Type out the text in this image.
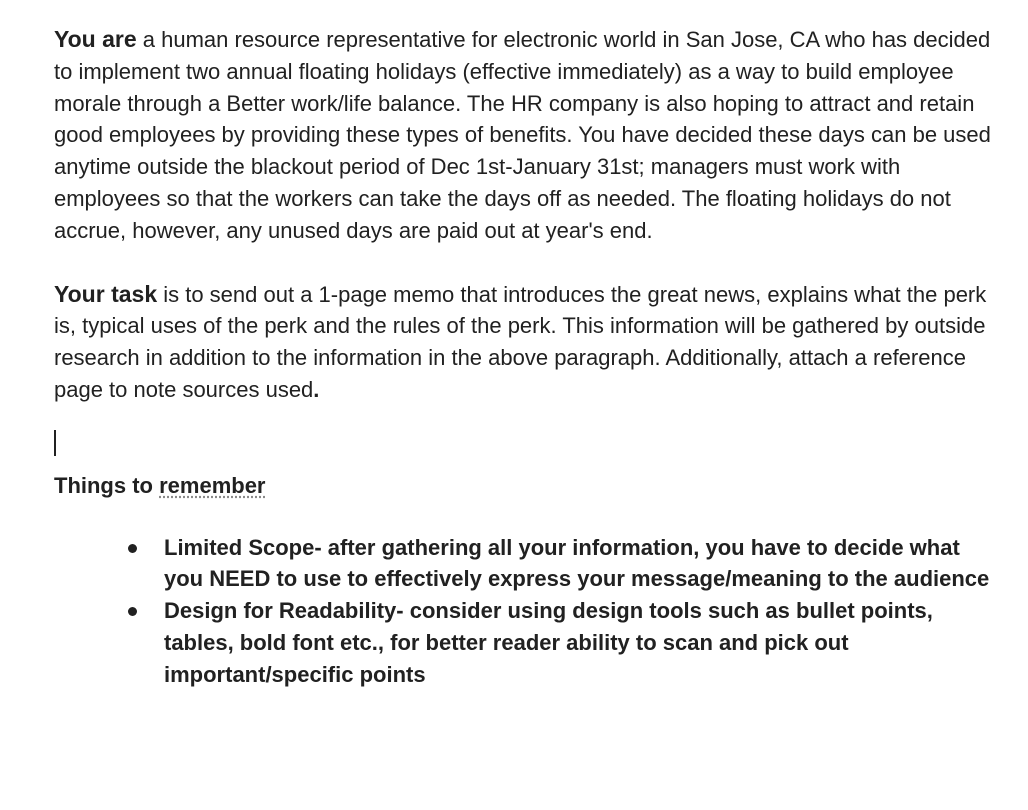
You are a human resource representative for electronic world in San Jose, CA who has decided to implement two annual floating holidays (effective immediately) as a way to build employee morale through a Better work/life balance. The HR company is also hoping to attract and retain good employees by providing these types of benefits. You have decided these days can be used anytime outside the blackout period of Dec 1st-January 31st; managers must work with employees so that the workers can take the days off as needed. The floating holidays do not accrue, however, any unused days are paid out at year's end.

Your task is to send out a 1-page memo that introduces the great news, explains what the perk is, typical uses of the perk and the rules of the perk. This information will be gathered by outside research in addition to the information in the above paragraph. Additionally, attach a reference page to note sources used.

Things to remember

Limited Scope- after gathering all your information, you have to decide what you NEED to use to effectively express your message/meaning to the audience
Design for Readability- consider using design tools such as bullet points, tables, bold font etc., for better reader ability to scan and pick out important/specific points
